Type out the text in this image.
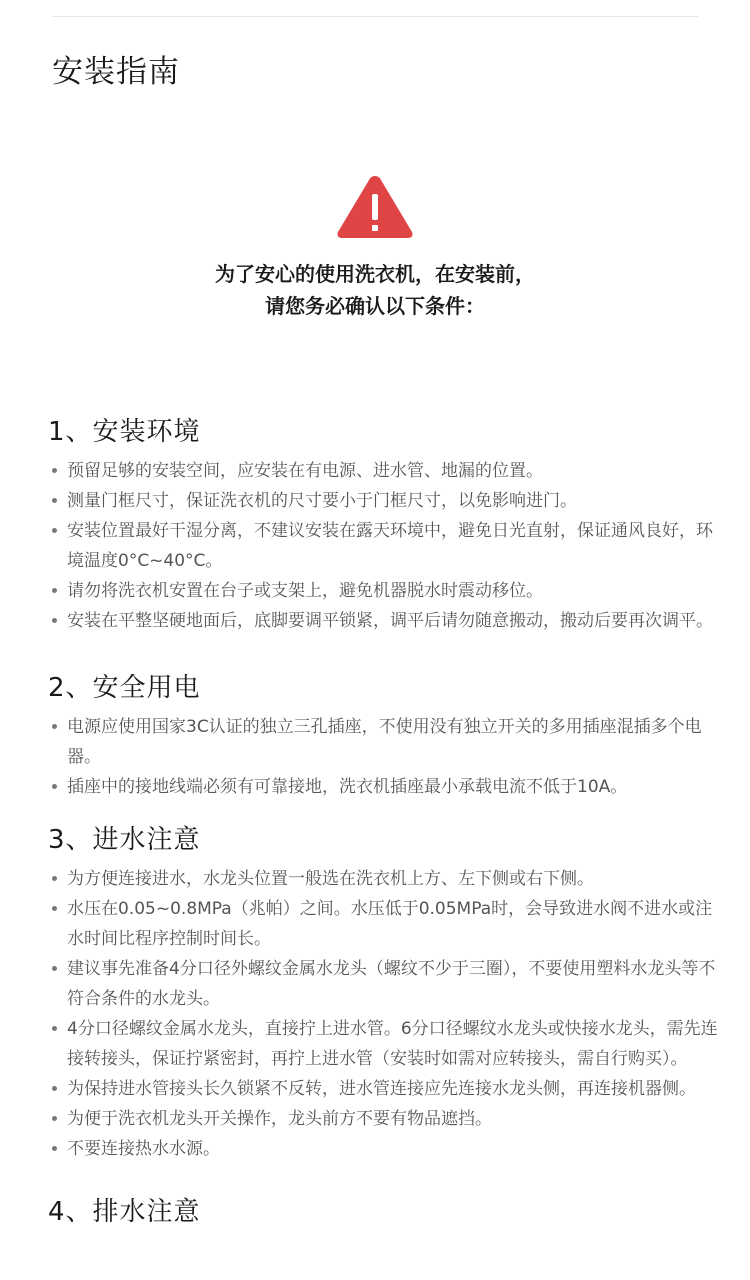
安装指南
为了安心的使用洗衣机，在安装前，
请您务必确认以下条件：
1、安装环境
预留足够的安装空间，应安装在有电源、进水管、地漏的位置。
测量门框尺寸，保证洗衣机的尺寸要小于门框尺寸，以免影响进门。
安装位置最好干湿分离，不建议安装在露天环境中，避免日光直射，保证通风良好，环境温度0°C~40°C。
请勿将洗衣机安置在台子或支架上，避免机器脱水时震动移位。
安装在平整坚硬地面后，底脚要调平锁紧，调平后请勿随意搬动，搬动后要再次调平。
2、安全用电
电源应使用国家3C认证的独立三孔插座，不使用没有独立开关的多用插座混插多个电器。
插座中的接地线端必须有可靠接地，洗衣机插座最小承载电流不低于10A。
3、进水注意
为方便连接进水，水龙头位置一般选在洗衣机上方、左下侧或右下侧。
水压在0.05~0.8MPa（兆帕）之间。水压低于0.05MPa时，会导致进水阀不进水或注水时间比程序控制时间长。
建议事先准备4分口径外螺纹金属水龙头（螺纹不少于三圈），不要使用塑料水龙头等不符合条件的水龙头。
4分口径螺纹金属水龙头，直接拧上进水管。6分口径螺纹水龙头或快接水龙头，需先连接转接头，保证拧紧密封，再拧上进水管（安装时如需对应转接头，需自行购买）。
为保持进水管接头长久锁紧不反转，进水管连接应先连接水龙头侧，再连接机器侧。
为便于洗衣机龙头开关操作，龙头前方不要有物品遮挡。
不要连接热水水源。
4、排水注意
